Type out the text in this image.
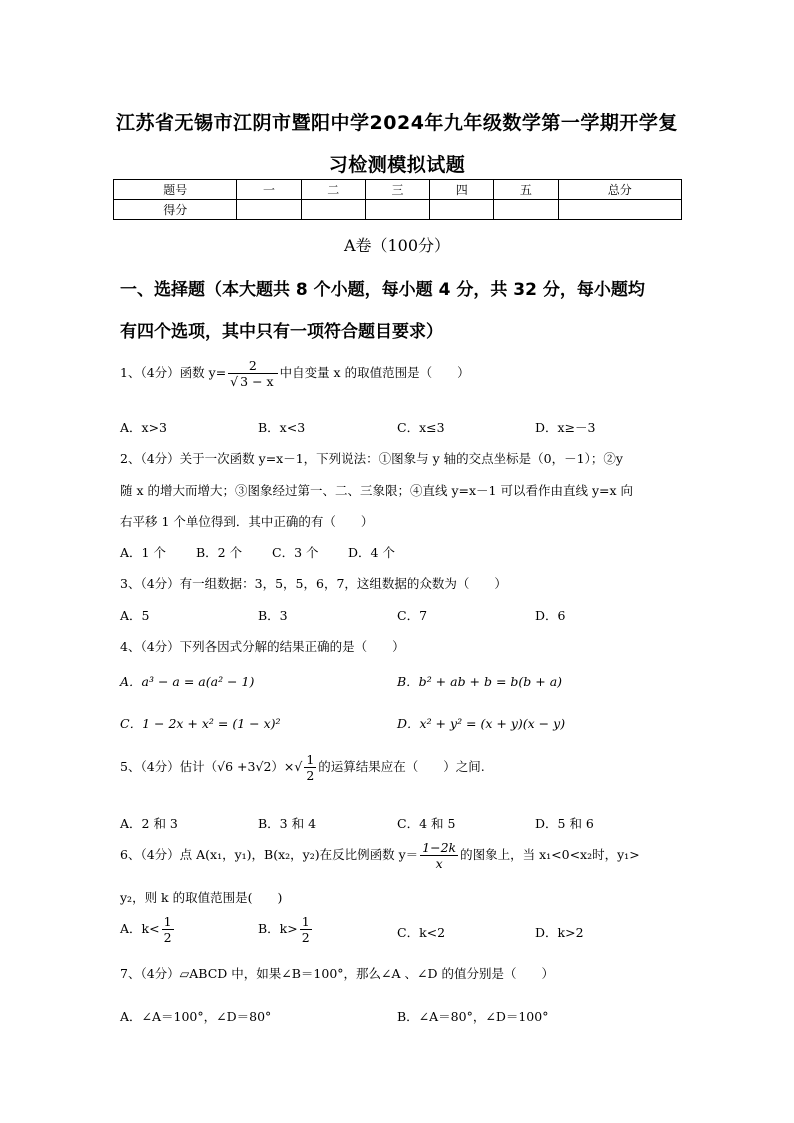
江苏省无锡市江阴市暨阳中学2024年九年级数学第一学期开学复
习检测模拟试题
题号	一	二	三	四	五	总分
得分						
A卷（100分）
一、选择题（本大题共 8 个小题，每小题 4 分，共 32 分，每小题均
有四个选项，其中只有一项符合题目要求）
1、（4分）函数 $y= \frac{2}{√ 3 - x}$ 中自变量 x 的取值范围是（　　）
A．x>3	B．x<3	C．x≤3	D．x≥－3
2、（4分）关于一次函数 y=x－1，下列说法：①图象与 y 轴的交点坐标是（0，－1）；②y
随 x 的增大而增大；③图象经过第一、二、三象限；④直线 y=x－1 可以看作由直线 y=x 向
右平移 1 个单位得到．其中正确的有（　　）
A．1 个 B．2 个 C．3 个 D．4 个
3、（4分）有一组数据：3，5，5，6，7，这组数据的众数为（　　）
A．5	B．3	C．7	D．6
4、（4分）下列各因式分解的结果正确的是（　　）
A．a³ − a = a(a² − 1)	B．b² + ab + b = b(b + a)
C．1 − 2x + x² = (1 − x)²	D．x² + y² = (x + y)(x − y)
5、（4分）估计$(√6 +3√2)\times√ \frac{1}{2}$ 的运算结果应在（　　）之间.
A．2 和 3	B．3 和 4	C．4 和 5	D．5 和 6
6、（4分）点 A(x₁，y₁)，B(x₂，y₂)在反比例函数 $y= \frac{1-2k}{x}$ 的图象上，当 x₁<0<x₂时，y₁>
y₂，则 k 的取值范围是(　　)
A．$k< \frac{1}{2}$	B．$k> \frac{1}{2}$	C．k<2	D．k>2
7、（4分）▱ABCD 中，如果∠B＝100°，那么∠A 、∠D 的值分别是（　　）
A．∠A＝100°，∠D＝80°	B．∠A＝80°，∠D＝100°
